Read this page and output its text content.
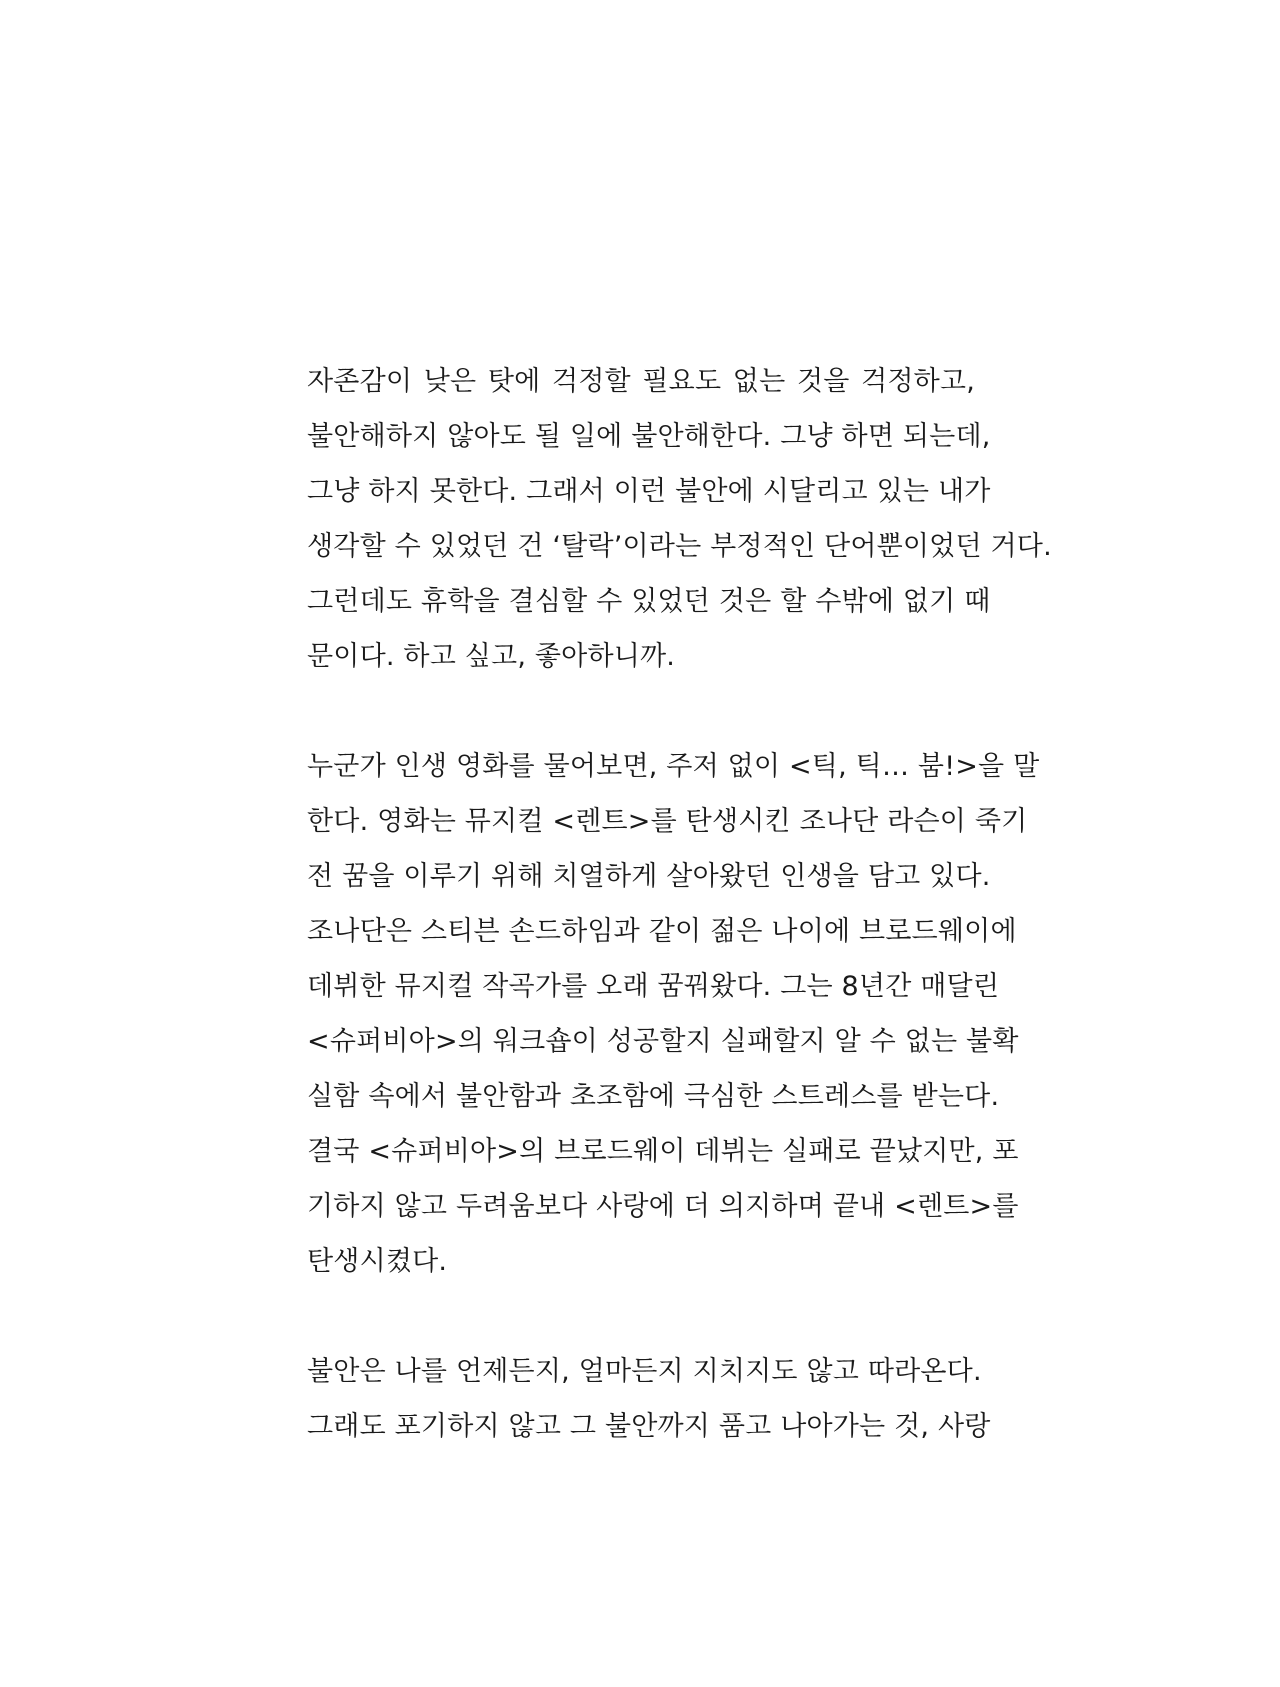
자존감이 낮은 탓에 걱정할 필요도 없는 것을 걱정하고,
불안해하지 않아도 될 일에 불안해한다. 그냥 하면 되는데,
그냥 하지 못한다. 그래서 이런 불안에 시달리고 있는 내가
생각할 수 있었던 건 ‘탈락’이라는 부정적인 단어뿐이었던 거다.
그런데도 휴학을 결심할 수 있었던 것은 할 수밖에 없기 때
문이다. 하고 싶고, 좋아하니까.

누군가 인생 영화를 물어보면, 주저 없이 <틱, 틱… 붐!>을 말
한다. 영화는 뮤지컬 <렌트>를 탄생시킨 조나단 라슨이 죽기
전 꿈을 이루기 위해 치열하게 살아왔던 인생을 담고 있다.
조나단은 스티븐 손드하임과 같이 젊은 나이에 브로드웨이에
데뷔한 뮤지컬 작곡가를 오래 꿈꿔왔다. 그는 8년간 매달린
<슈퍼비아>의 워크숍이 성공할지 실패할지 알 수 없는 불확
실함 속에서 불안함과 초조함에 극심한 스트레스를 받는다.
결국 <슈퍼비아>의 브로드웨이 데뷔는 실패로 끝났지만, 포
기하지 않고 두려움보다 사랑에 더 의지하며 끝내 <렌트>를
탄생시켰다.

불안은 나를 언제든지, 얼마든지 지치지도 않고 따라온다.
그래도 포기하지 않고 그 불안까지 품고 나아가는 것, 사랑
